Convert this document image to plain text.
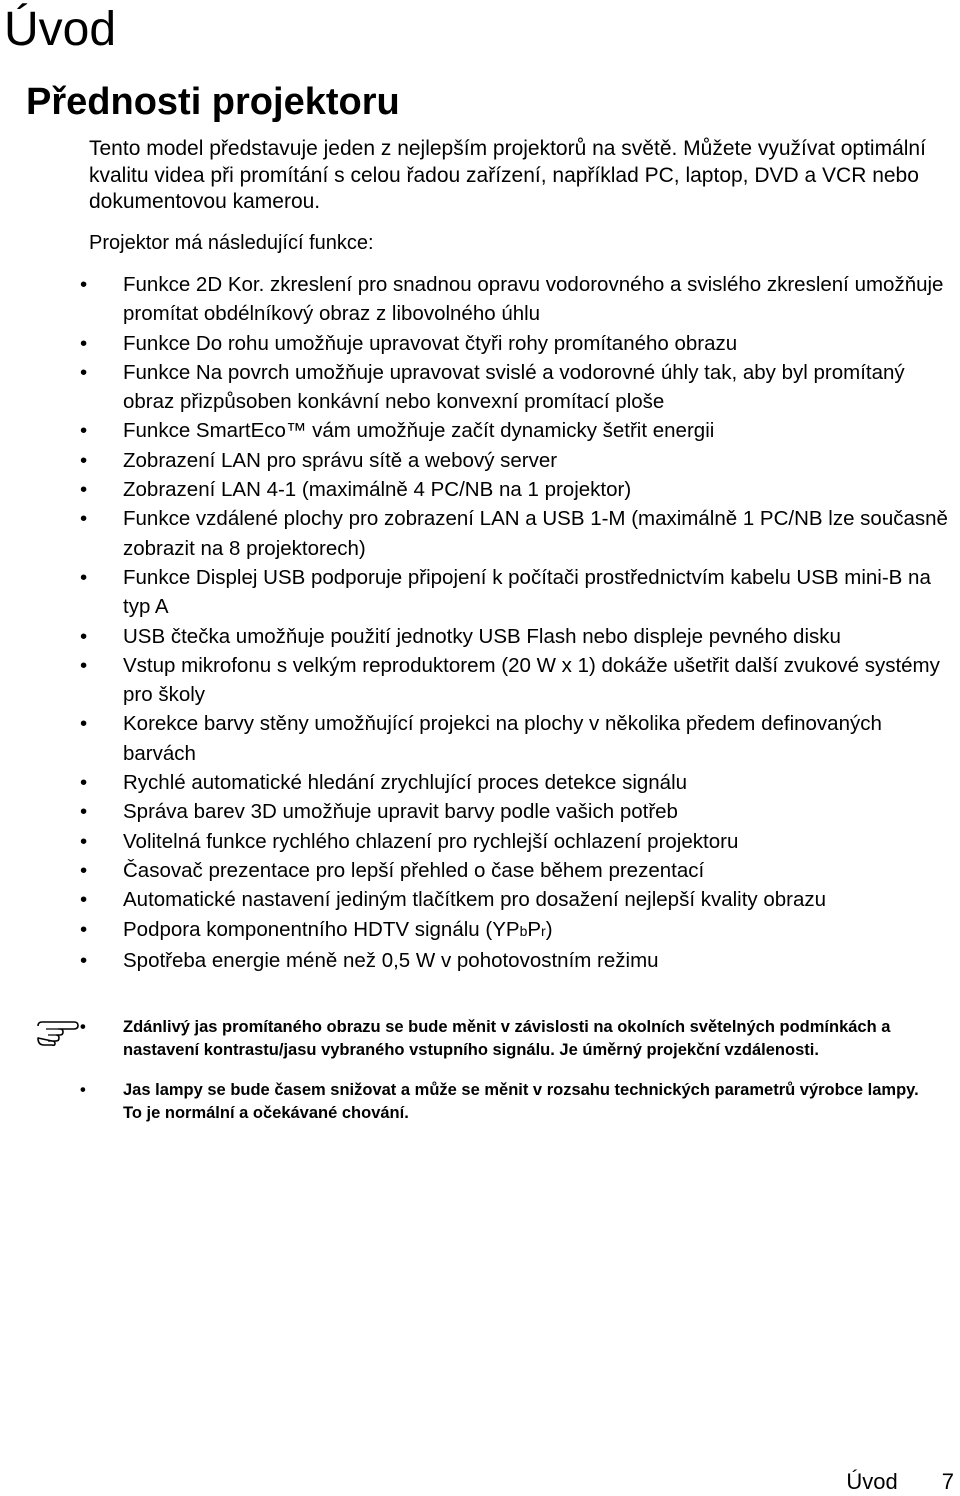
Úvod
Přednosti projektoru

Tento model představuje jeden z nejlepším projektorů na světě. Můžete využívat optimální kvalitu videa při promítání s celou řadou zařízení, například PC, laptop, DVD a VCR nebo dokumentovou kamerou.

Projektor má následující funkce:

•	Funkce 2D Kor. zkreslení pro snadnou opravu vodorovného a svislého zkreslení umožňuje promítat obdélníkový obraz z libovolného úhlu
•	Funkce Do rohu umožňuje upravovat čtyři rohy promítaného obrazu
•	Funkce Na povrch umožňuje upravovat svislé a vodorovné úhly tak, aby byl promítaný obraz přizpůsoben konkávní nebo konvexní promítací ploše
•	Funkce SmartEco™ vám umožňuje začít dynamicky šetřit energii
•	Zobrazení LAN pro správu sítě a webový server
•	Zobrazení LAN 4-1 (maximálně 4 PC/NB na 1 projektor)
•	Funkce vzdálené plochy pro zobrazení LAN a USB 1-M (maximálně 1 PC/NB lze současně zobrazit na 8 projektorech)
•	Funkce Displej USB podporuje připojení k počítači prostřednictvím kabelu USB mini-B na typ A
•	USB čtečka umožňuje použití jednotky USB Flash nebo displeje pevného disku
•	Vstup mikrofonu s velkým reproduktorem (20 W x 1) dokáže ušetřit další zvukové systémy pro školy
•	Korekce barvy stěny umožňující projekci na plochy v několika předem definovaných barvách
•	Rychlé automatické hledání zrychlující proces detekce signálu
•	Správa barev 3D umožňuje upravit barvy podle vašich potřeb
•	Volitelná funkce rychlého chlazení pro rychlejší ochlazení projektoru
•	Časovač prezentace pro lepší přehled o čase během prezentací
•	Automatické nastavení jediným tlačítkem pro dosažení nejlepší kvality obrazu
•	Podpora komponentního HDTV signálu (YPbPr)
•	Spotřeba energie méně než 0,5 W v pohotovostním režimu
•	Zdánlivý jas promítaného obrazu se bude měnit v závislosti na okolních světelných podmínkách a nastavení kontrastu/jasu vybraného vstupního signálu. Je úměrný projekční vzdálenosti.
•	Jas lampy se bude časem snižovat a může se měnit v rozsahu technických parametrů výrobce lampy. To je normální a očekávané chování.
Úvod 7
